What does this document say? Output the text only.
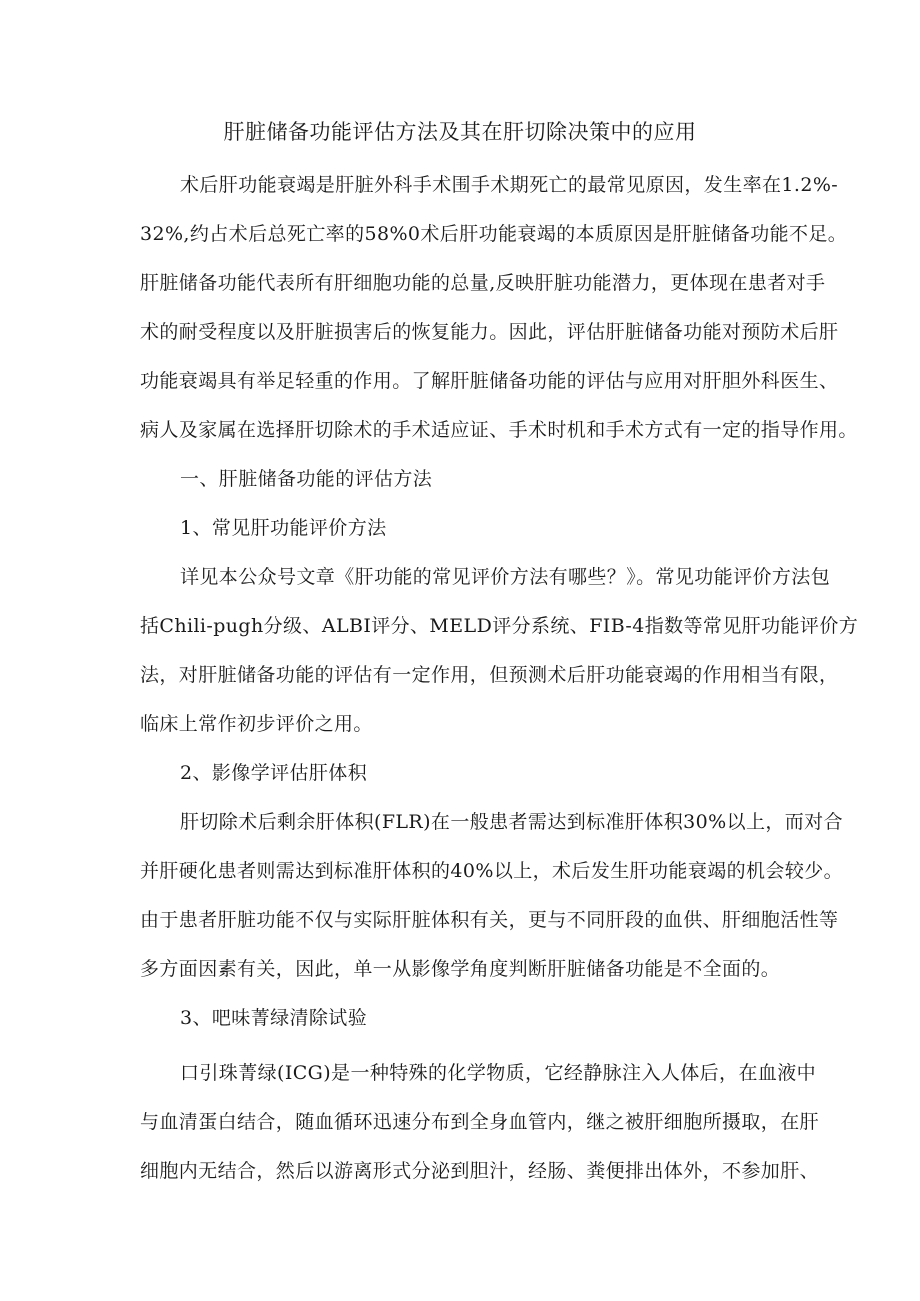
肝脏储备功能评估方法及其在肝切除决策中的应用
术后肝功能衰竭是肝脏外科手术围手术期死亡的最常见原因，发生率在1.2%-
32%,约占术后总死亡率的58%0术后肝功能衰竭的本质原因是肝脏储备功能不足。
肝脏储备功能代表所有肝细胞功能的总量,反映肝脏功能潜力，更体现在患者对手
术的耐受程度以及肝脏损害后的恢复能力。因此，评估肝脏储备功能对预防术后肝
功能衰竭具有举足轻重的作用。了解肝脏储备功能的评估与应用对肝胆外科医生、
病人及家属在选择肝切除术的手术适应证、手术时机和手术方式有一定的指导作用。
一、肝脏储备功能的评估方法
1、常见肝功能评价方法
详见本公众号文章《肝功能的常见评价方法有哪些？》。常见功能评价方法包
括Chili-pugh分级、ALBI评分、MELD评分系统、FIB-4指数等常见肝功能评价方
法，对肝脏储备功能的评估有一定作用，但预测术后肝功能衰竭的作用相当有限，
临床上常作初步评价之用。
2、影像学评估肝体积
肝切除术后剩余肝体积(FLR)在一般患者需达到标准肝体积30%以上，而对合
并肝硬化患者则需达到标准肝体积的40%以上，术后发生肝功能衰竭的机会较少。
由于患者肝脏功能不仅与实际肝脏体积有关，更与不同肝段的血供、肝细胞活性等
多方面因素有关，因此，单一从影像学角度判断肝脏储备功能是不全面的。
3、吧味菁绿清除试验
口引珠菁绿(ICG)是一种特殊的化学物质，它经静脉注入人体后，在血液中
与血清蛋白结合，随血循环迅速分布到全身血管内，继之被肝细胞所摄取，在肝
细胞内无结合，然后以游离形式分泌到胆汁，经肠、粪便排出体外，不参加肝、
